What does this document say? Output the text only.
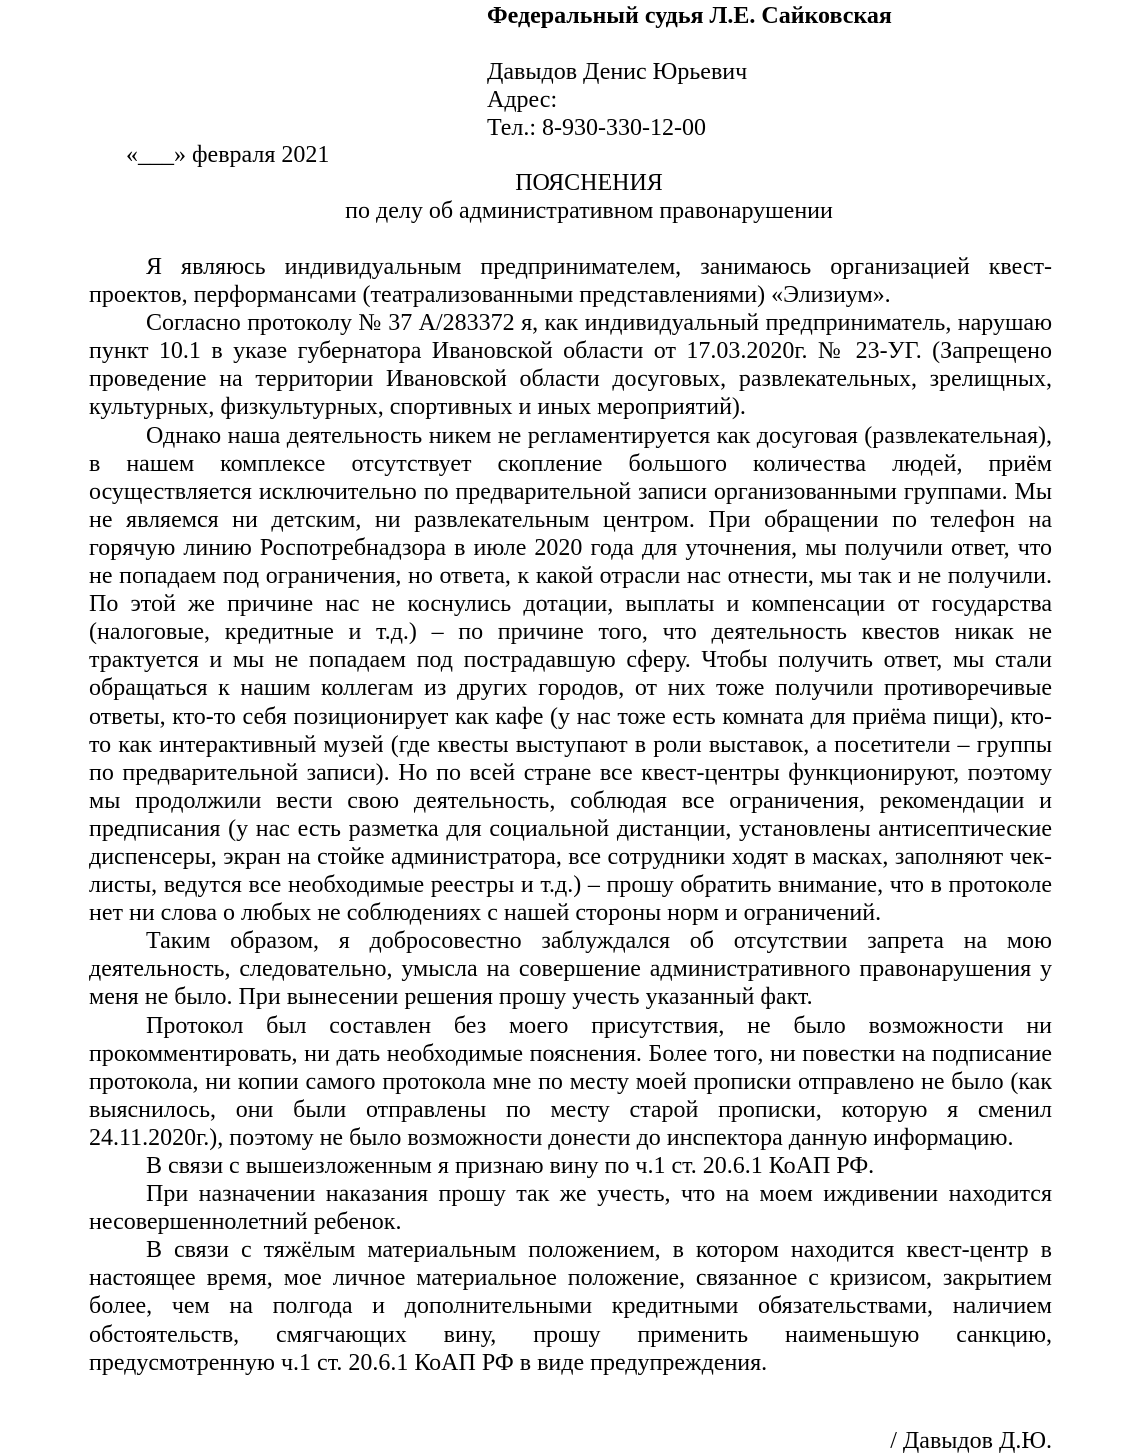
Федеральный судья Л.Е. Сайковская
Давыдов Денис Юрьевич
Адрес:
Тел.: 8-930-330-12-00
«___» февраля 2021
ПОЯСНЕНИЯ
по делу об административном правонарушении

Я являюсь индивидуальным предпринимателем, занимаюсь организацией квест-проектов, перформансами (театрализованными представлениями) «Элизиум».

Согласно протоколу № 37 А/283372 я, как индивидуальный предприниматель, нарушаю пункт 10.1 в указе губернатора Ивановской области от 17.03.2020г. № 23-УГ. (Запрещено проведение на территории Ивановской области досуговых, развлекательных, зрелищных, культурных, физкультурных, спортивных и иных мероприятий).

Однако наша деятельность никем не регламентируется как досуговая (развлекательная), в нашем комплексе отсутствует скопление большого количества людей, приём осуществляется исключительно по предварительной записи организованными группами. Мы не являемся ни детским, ни развлекательным центром. При обращении по телефон на горячую линию Роспотребнадзора в июле 2020 года для уточнения, мы получили ответ, что не попадаем под ограничения, но ответа, к какой отрасли нас отнести, мы так и не получили. По этой же причине нас не коснулись дотации, выплаты и компенсации от государства (налоговые, кредитные и т.д.) – по причине того, что деятельность квестов никак не трактуется и мы не попадаем под пострадавшую сферу. Чтобы получить ответ, мы стали обращаться к нашим коллегам из других городов, от них тоже получили противоречивые ответы, кто-то себя позиционирует как кафе (у нас тоже есть комната для приёма пищи), кто-то как интерактивный музей (где квесты выступают в роли выставок, а посетители – группы по предварительной записи). Но по всей стране все квест-центры функционируют, поэтому мы продолжили вести свою деятельность, соблюдая все ограничения, рекомендации и предписания (у нас есть разметка для социальной дистанции, установлены антисептические диспенсеры, экран на стойке администратора, все сотрудники ходят в масках, заполняют чек-листы, ведутся все необходимые реестры и т.д.) – прошу обратить внимание, что в протоколе нет ни слова о любых не соблюдениях с нашей стороны норм и ограничений.

Таким образом, я добросовестно заблуждался об отсутствии запрета на мою деятельность, следовательно, умысла на совершение административного правонарушения у меня не было. При вынесении решения прошу учесть указанный факт.

Протокол был составлен без моего присутствия, не было возможности ни прокомментировать, ни дать необходимые пояснения. Более того, ни повестки на подписание протокола, ни копии самого протокола мне по месту моей прописки отправлено не было (как выяснилось, они были отправлены по месту старой прописки, которую я сменил 24.11.2020г.), поэтому не было возможности донести до инспектора данную информацию.

В связи с вышеизложенным я признаю вину по ч.1 ст. 20.6.1 КоАП РФ.

При назначении наказания прошу так же учесть, что на моем иждивении находится несовершеннолетний ребенок.

В связи с тяжёлым материальным положением, в котором находится квест-центр в настоящее время, мое личное материальное положение, связанное с кризисом, закрытием более, чем на полгода и дополнительными кредитными обязательствами, наличием обстоятельств, смягчающих вину, прошу применить наименьшую санкцию, предусмотренную ч.1 ст. 20.6.1 КоАП РФ в виде предупреждения.

/ Давыдов Д.Ю.
